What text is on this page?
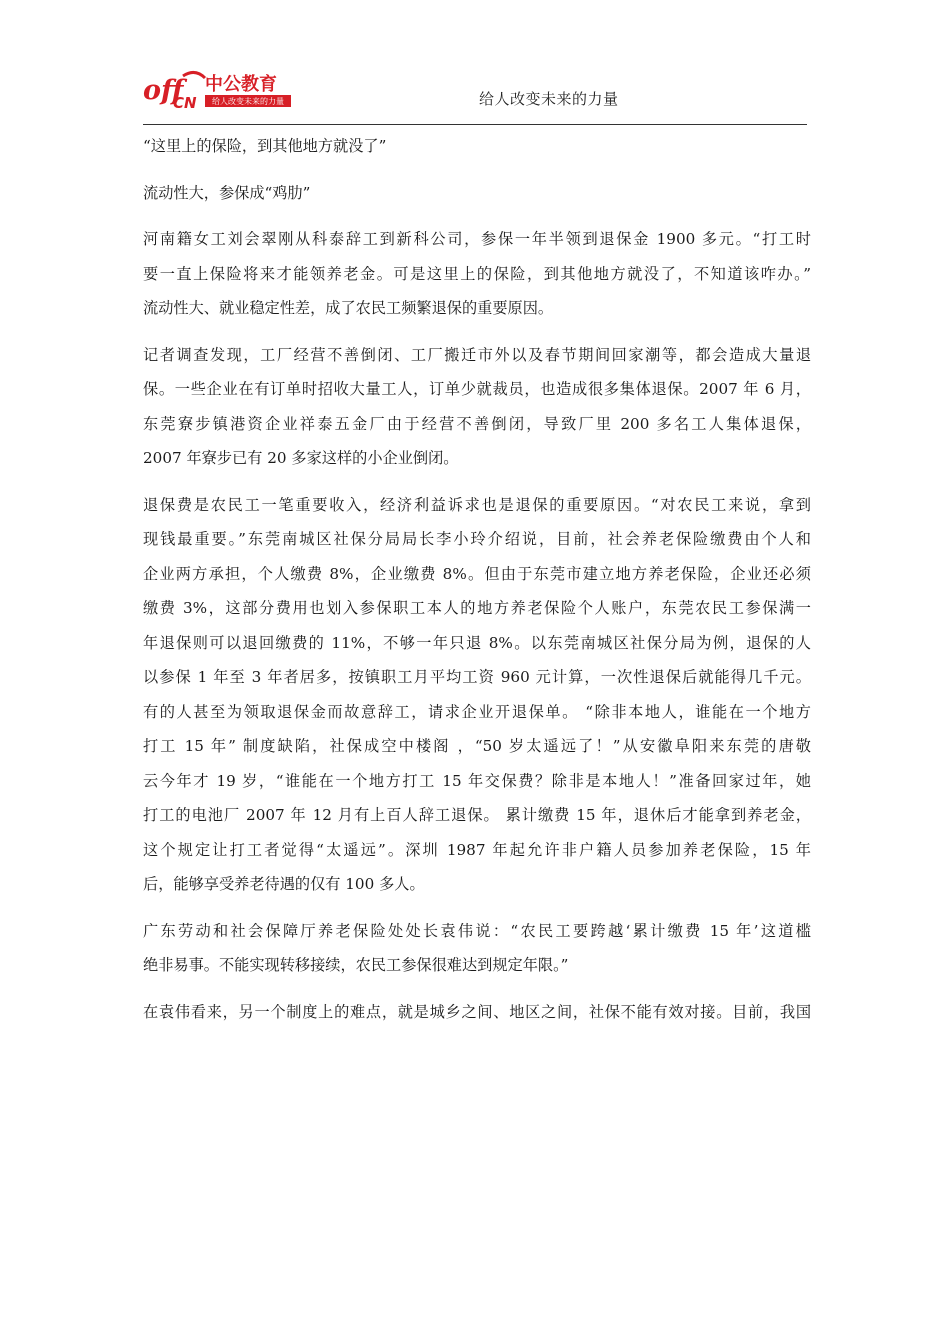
off
CN
中公教育
给人改变未来的力量	给人改变未来的力量
“这里上的保险，到其他地方就没了”
流动性大，参保成“鸡肋”
河南籍女工刘会翠刚从科泰辞工到新科公司，参保一年半领到退保金 1900 多元。“打工时
要一直上保险将来才能领养老金。可是这里上的保险，到其他地方就没了，不知道该咋办。”
流动性大、就业稳定性差，成了农民工频繁退保的重要原因。
记者调查发现，工厂经营不善倒闭、工厂搬迁市外以及春节期间回家潮等，都会造成大量退
保。一些企业在有订单时招收大量工人，订单少就裁员，也造成很多集体退保。2007 年 6 月，
东莞寮步镇港资企业祥泰五金厂由于经营不善倒闭，导致厂里 200 多名工人集体退保，
2007 年寮步已有 20 多家这样的小企业倒闭。
退保费是农民工一笔重要收入，经济利益诉求也是退保的重要原因。“对农民工来说，拿到
现钱最重要。”东莞南城区社保分局局长李小玲介绍说，目前，社会养老保险缴费由个人和
企业两方承担，个人缴费 8%，企业缴费 8%。但由于东莞市建立地方养老保险，企业还必须
缴费 3%，这部分费用也划入参保职工本人的地方养老保险个人账户，东莞农民工参保满一
年退保则可以退回缴费的 11%，不够一年只退 8%。以东莞南城区社保分局为例，退保的人
以参保 1 年至 3 年者居多，按镇职工月平均工资 960 元计算，一次性退保后就能得几千元。
有的人甚至为领取退保金而故意辞工，请求企业开退保单。 “除非本地人，谁能在一个地方
打工 15 年” 制度缺陷，社保成空中楼阁 ，“50 岁太遥远了！”从安徽阜阳来东莞的唐敬
云今年才 19 岁，“谁能在一个地方打工 15 年交保费？除非是本地人！”准备回家过年，她
打工的电池厂 2007 年 12 月有上百人辞工退保。 累计缴费 15 年，退休后才能拿到养老金，
这个规定让打工者觉得“太遥远”。深圳 1987 年起允许非户籍人员参加养老保险，15 年
后，能够享受养老待遇的仅有 100 多人。
广东劳动和社会保障厅养老保险处处长袁伟说：“农民工要跨越‘累计缴费 15 年’这道槛
绝非易事。不能实现转移接续，农民工参保很难达到规定年限。”
在袁伟看来，另一个制度上的难点，就是城乡之间、地区之间，社保不能有效对接。目前，我国
